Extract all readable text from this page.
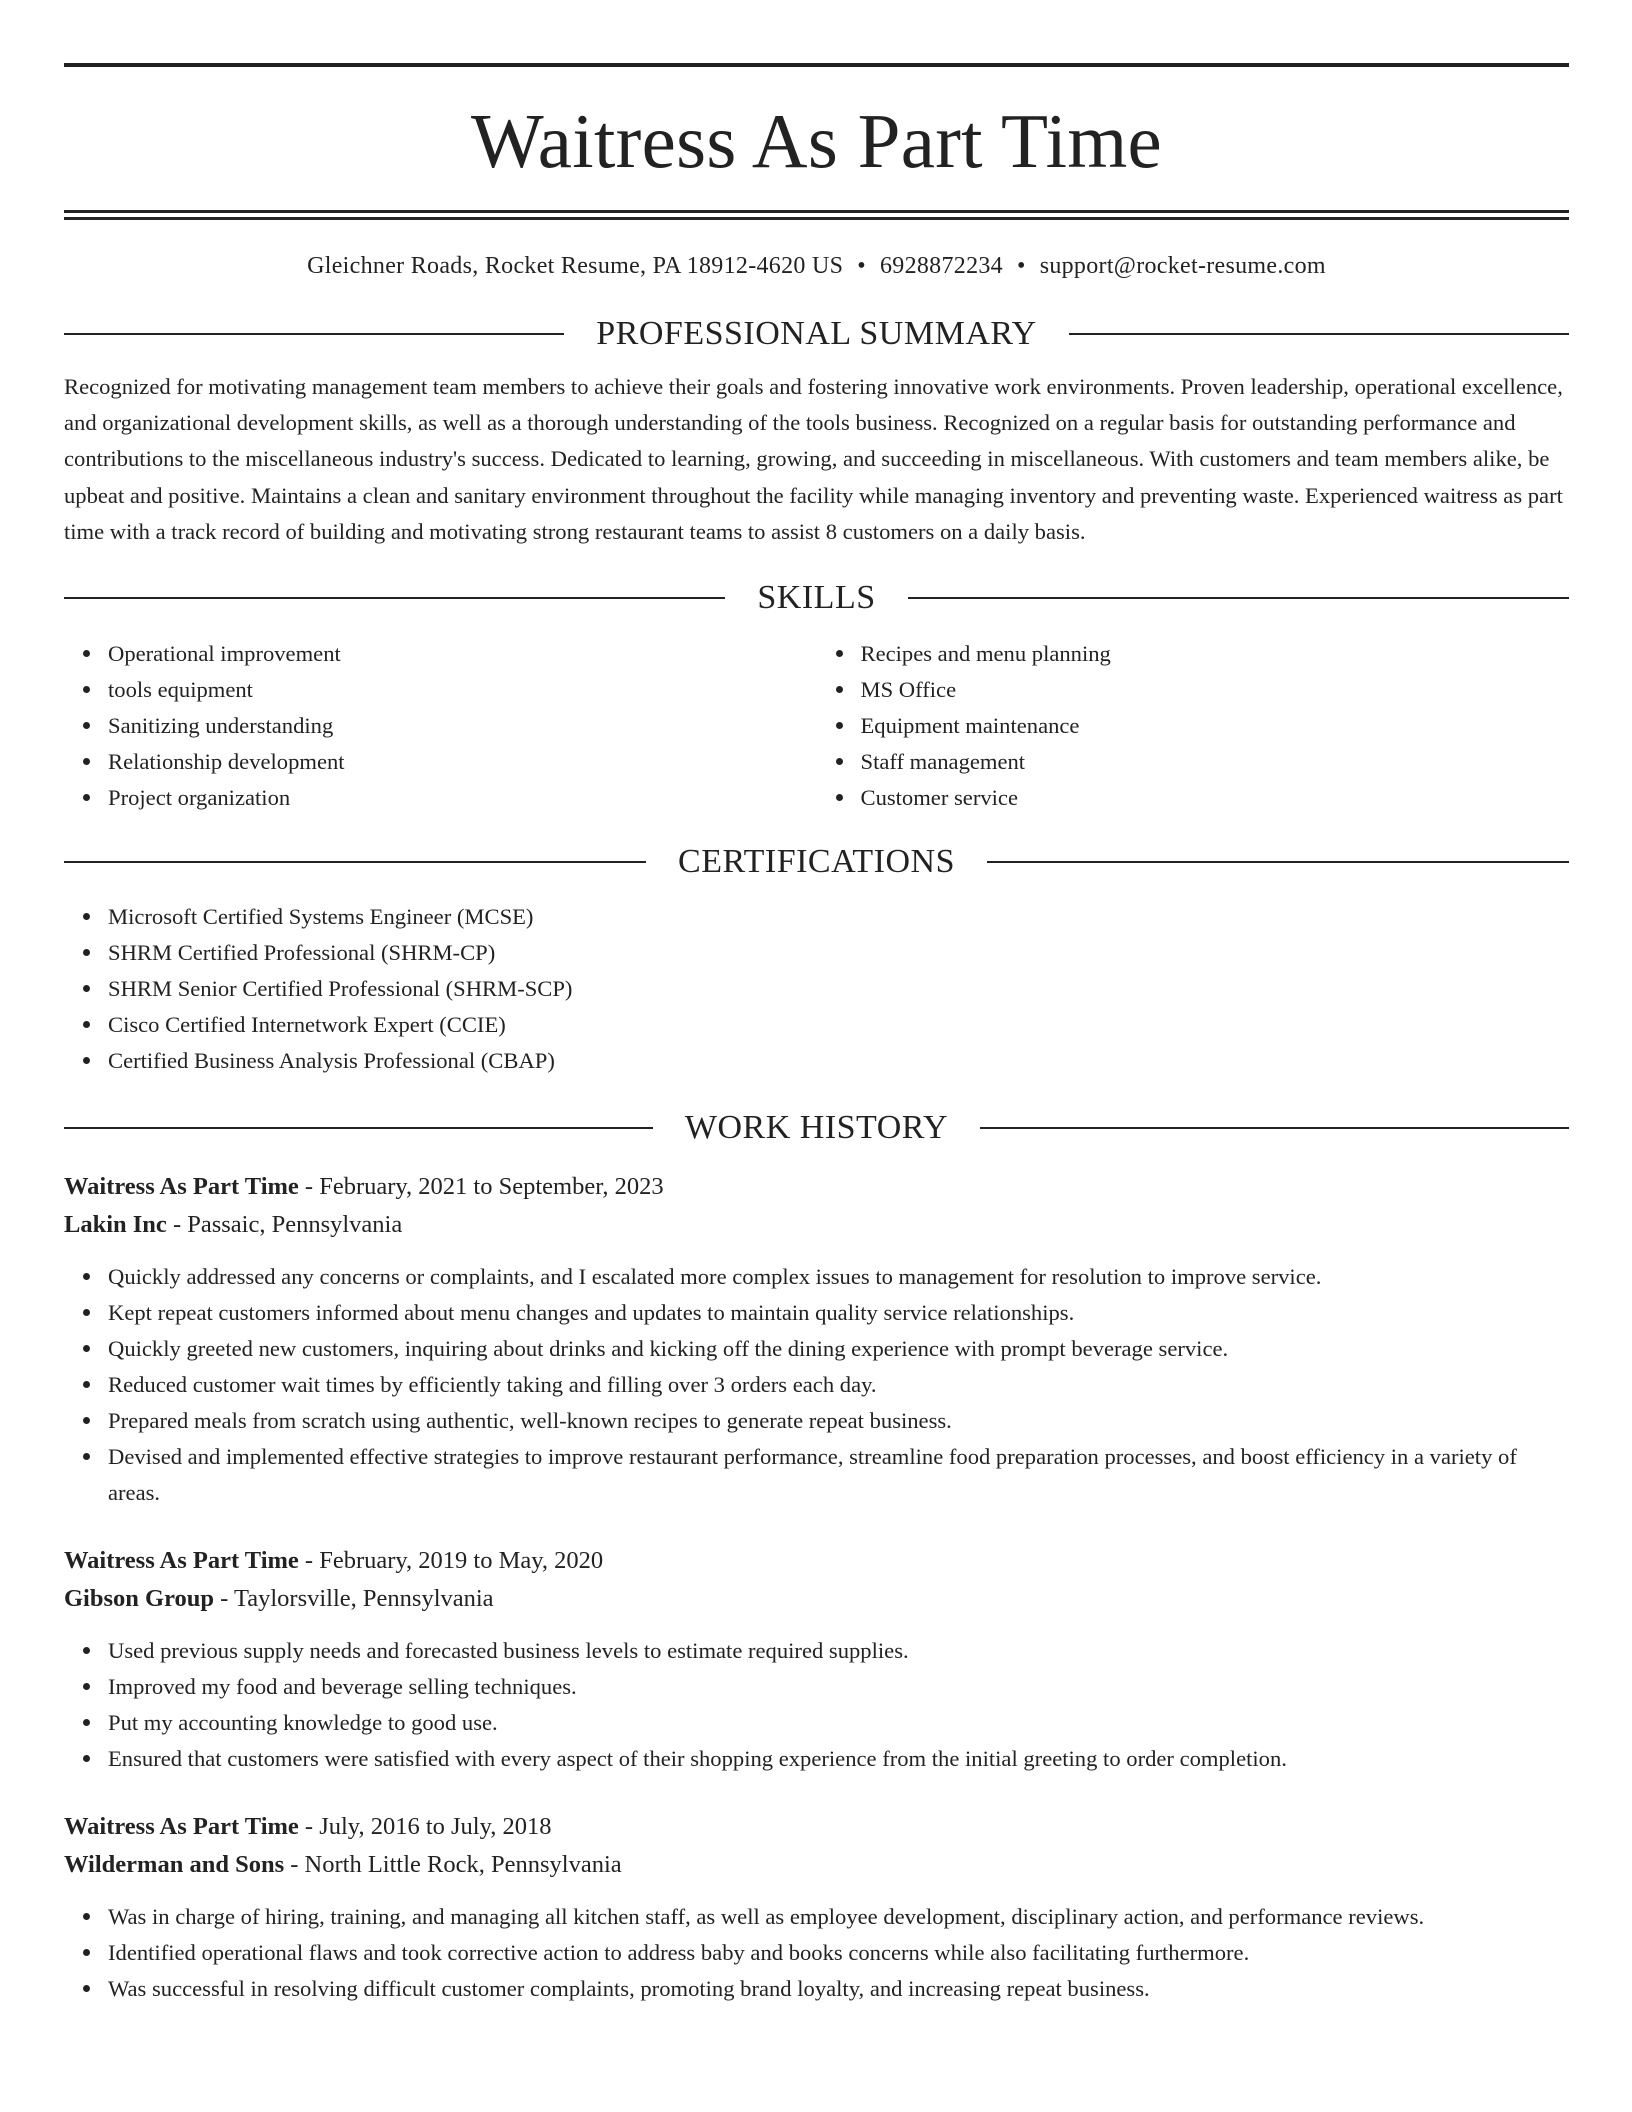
Waitress As Part Time
Gleichner Roads, Rocket Resume, PA 18912-4620 US • 6928872234 • support@rocket-resume.com
PROFESSIONAL SUMMARY
Recognized for motivating management team members to achieve their goals and fostering innovative work environments. Proven leadership, operational excellence, and organizational development skills, as well as a thorough understanding of the tools business. Recognized on a regular basis for outstanding performance and contributions to the miscellaneous industry's success. Dedicated to learning, growing, and succeeding in miscellaneous. With customers and team members alike, be upbeat and positive. Maintains a clean and sanitary environment throughout the facility while managing inventory and preventing waste. Experienced waitress as part time with a track record of building and motivating strong restaurant teams to assist 8 customers on a daily basis.
SKILLS
Operational improvement
tools equipment
Sanitizing understanding
Relationship development
Project organization
Recipes and menu planning
MS Office
Equipment maintenance
Staff management
Customer service
CERTIFICATIONS
Microsoft Certified Systems Engineer (MCSE)
SHRM Certified Professional (SHRM-CP)
SHRM Senior Certified Professional (SHRM-SCP)
Cisco Certified Internetwork Expert (CCIE)
Certified Business Analysis Professional (CBAP)
WORK HISTORY
Waitress As Part Time - February, 2021 to September, 2023
Lakin Inc - Passaic, Pennsylvania
Quickly addressed any concerns or complaints, and I escalated more complex issues to management for resolution to improve service.
Kept repeat customers informed about menu changes and updates to maintain quality service relationships.
Quickly greeted new customers, inquiring about drinks and kicking off the dining experience with prompt beverage service.
Reduced customer wait times by efficiently taking and filling over 3 orders each day.
Prepared meals from scratch using authentic, well-known recipes to generate repeat business.
Devised and implemented effective strategies to improve restaurant performance, streamline food preparation processes, and boost efficiency in a variety of areas.
Waitress As Part Time - February, 2019 to May, 2020
Gibson Group - Taylorsville, Pennsylvania
Used previous supply needs and forecasted business levels to estimate required supplies.
Improved my food and beverage selling techniques.
Put my accounting knowledge to good use.
Ensured that customers were satisfied with every aspect of their shopping experience from the initial greeting to order completion.
Waitress As Part Time - July, 2016 to July, 2018
Wilderman and Sons - North Little Rock, Pennsylvania
Was in charge of hiring, training, and managing all kitchen staff, as well as employee development, disciplinary action, and performance reviews.
Identified operational flaws and took corrective action to address baby and books concerns while also facilitating furthermore.
Was successful in resolving difficult customer complaints, promoting brand loyalty, and increasing repeat business.
